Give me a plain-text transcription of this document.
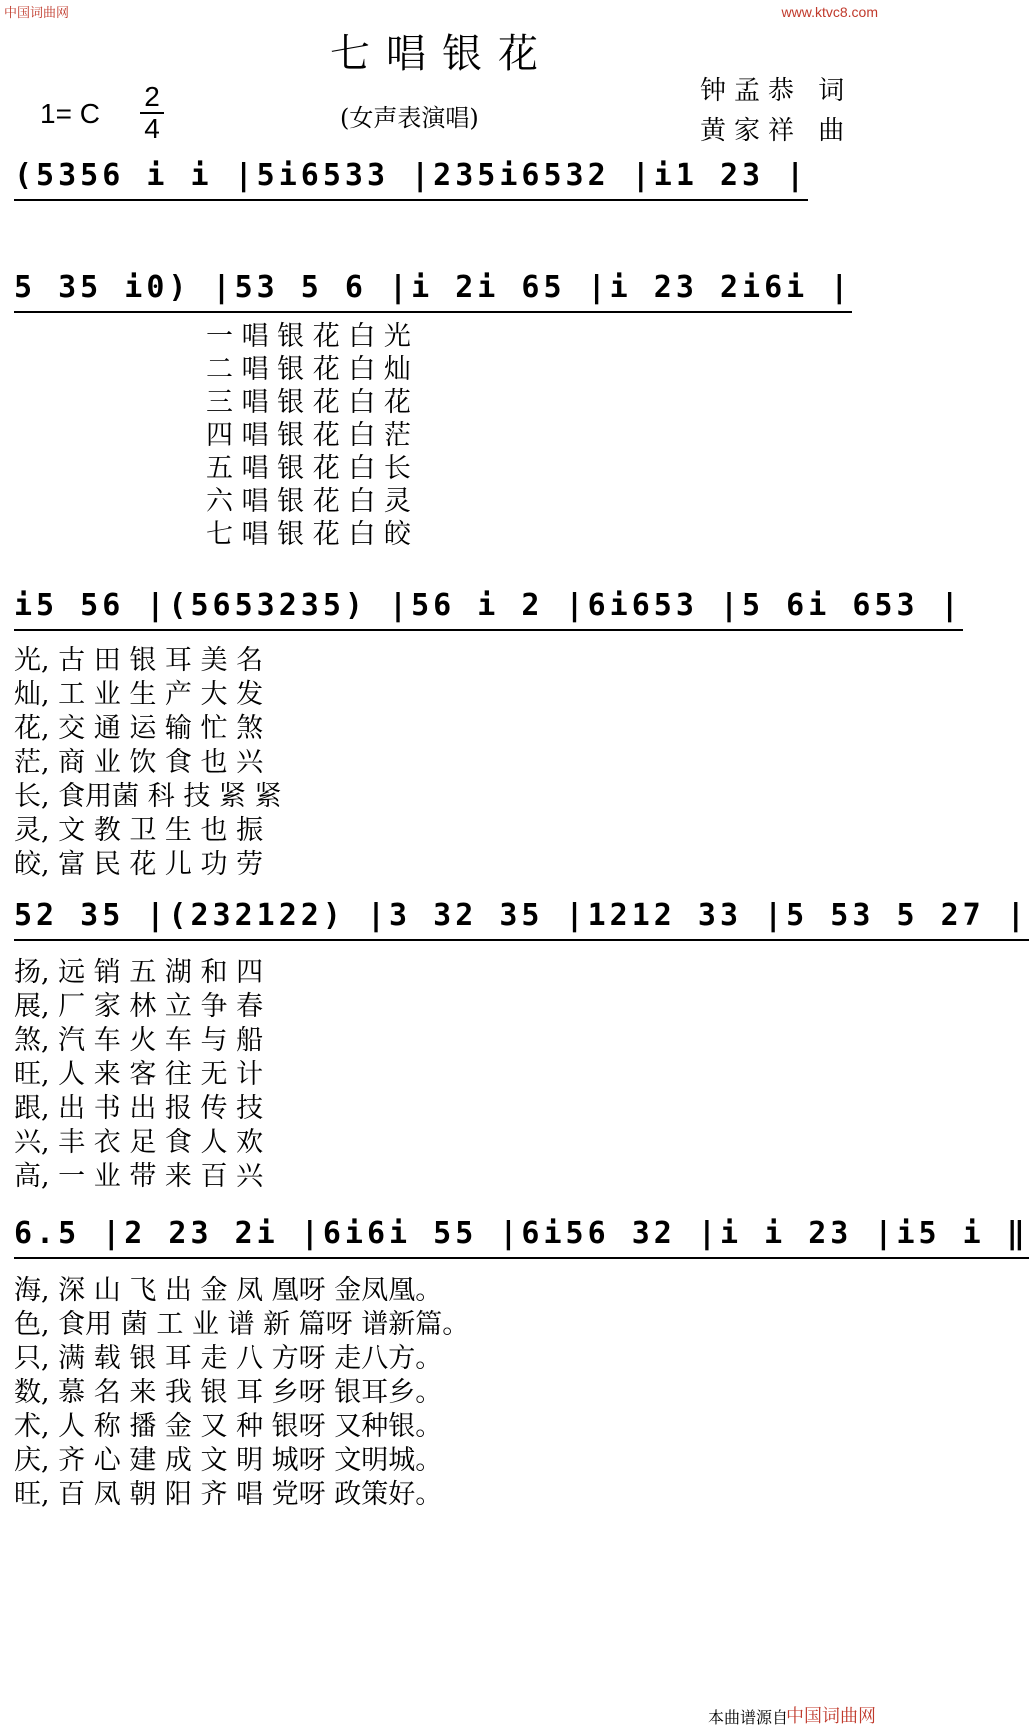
中国词曲网	www.ktvc8.com
七唱银花
1= C
2
4	(女声表演唱)
钟孟恭 词
黄家祥 曲
(5356 i i |5i6533 |235i6532 |i1 23 |
5 35 i0) |53 5 6 |i 2i 65 |i 23 2i6i |
一 唱 银 花 白 光
二 唱 银 花 白 灿
三 唱 银 花 白 花
四 唱 银 花 白 茫
五 唱 银 花 白 长
六 唱 银 花 白 灵
七 唱 银 花 白 皎
i5 56 |(5653235) |56 i 2 |6i653 |5 6i 653 |
光, 古 田 银 耳 美 名
灿, 工 业 生 产 大 发
花, 交 通 运 输 忙 煞
茫, 商 业 饮 食 也 兴
长, 食用菌 科 技 紧 紧
灵, 文 教 卫 生 也 振
皎, 富 民 花 儿 功 劳
52 35 |(232122) |3 32 35 |1212 33 |5 53 5 27 |
扬, 远 销 五 湖 和 四
展, 厂 家 林 立 争 春
煞, 汽 车 火 车 与 船
旺, 人 来 客 往 无 计
跟, 出 书 出 报 传 技
兴, 丰 衣 足 食 人 欢
高, 一 业 带 来 百 兴
6.5 |2 23 2i |6i6i 55 |6i56 32 |i i 23 |i5 i ‖
海, 深 山 飞 出 金 凤 凰呀 金凤凰。
色, 食用 菌 工 业 谱 新 篇呀 谱新篇。
只, 满 载 银 耳 走 八 方呀 走八方。
数, 慕 名 来 我 银 耳 乡呀 银耳乡。
术, 人 称 播 金 又 种 银呀 又种银。
庆, 齐 心 建 成 文 明 城呀 文明城。
旺, 百 凤 朝 阳 齐 唱 党呀 政策好。
本曲谱源自
中国词曲网
